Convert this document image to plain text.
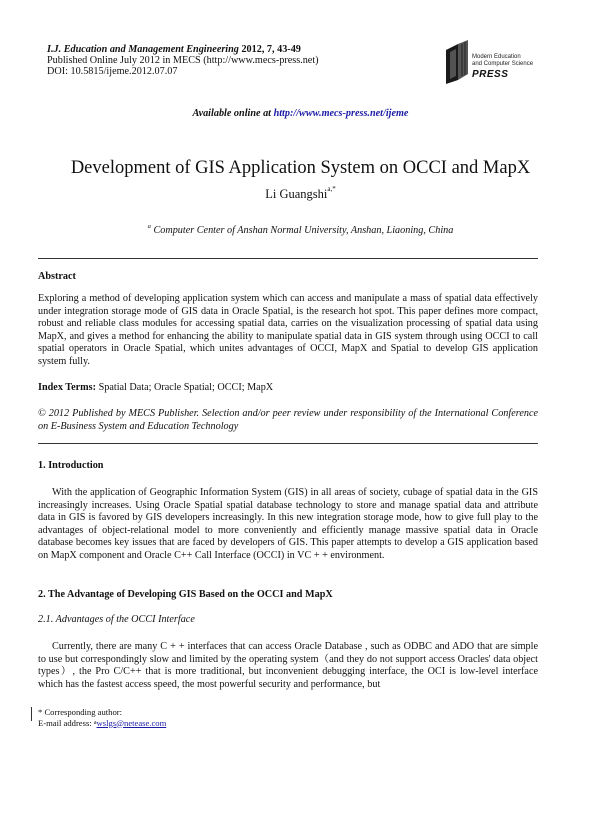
I.J. Education and Management Engineering 2012, 7, 43-49
Published Online July 2012 in MECS (http://www.mecs-press.net)
DOI: 10.5815/ijeme.2012.07.07
Modern Education
and Computer Science
PRESS
Available online at http://www.mecs-press.net/ijeme
Development of GIS Application System on OCCI and MapX
Li Guangshi$^{a,*}$
$^a$ Computer Center of Anshan Normal University, Anshan, Liaoning, China
Abstract

Exploring a method of developing application system which can access and manipulate a mass of spatial data effectively under integration storage mode of GIS data in Oracle Spatial, is the research hot spot. This paper defines more compact, robust and reliable class modules for accessing spatial data, carries on the visualization processing of spatial data using MapX, and gives a method for enhancing the ability to manipulate spatial data in GIS system through using OCCI to call spatial operators in Oracle Spatial, which unites advantages of OCCI, MapX and Spatial to develop GIS application system fully.

Index Terms: Spatial Data; Oracle Spatial; OCCI; MapX

© 2012 Published by MECS Publisher. Selection and/or peer review under responsibility of the International Conference on E-Business System and Education Technology

1. Introduction

With the application of Geographic Information System (GIS) in all areas of society, cubage of spatial data in the GIS increasingly increases. Using Oracle Spatial spatial database technology to store and manage spatial data and attribute data in GIS is favored by GIS developers increasingly. In this new integration storage mode, how to give full play to the advantages of object-relational model to more conveniently and efficiently manage massive spatial data in Oracle database becomes key issues that are faced by developers of GIS. This paper attempts to develop a GIS application based on MapX component and Oracle C++ Call Interface (OCCI) in VC + + environment.

2. The Advantage of Developing GIS Based on the OCCI and MapX
2.1. Advantages of the OCCI Interface

Currently, there are many C + + interfaces that can access Oracle Database , such as ODBC and ADO that are simple to use but correspondingly slow and limited by the operating system（and they do not support access Oracles' data object types）, the Pro C/C++ that is more traditional, but inconvenient debugging interface, the OCI is low-level interface which has the fastest access speed, the most powerful security and performance, but

* Corresponding author:
E-mail address: $^a$wslgs@netease.com
